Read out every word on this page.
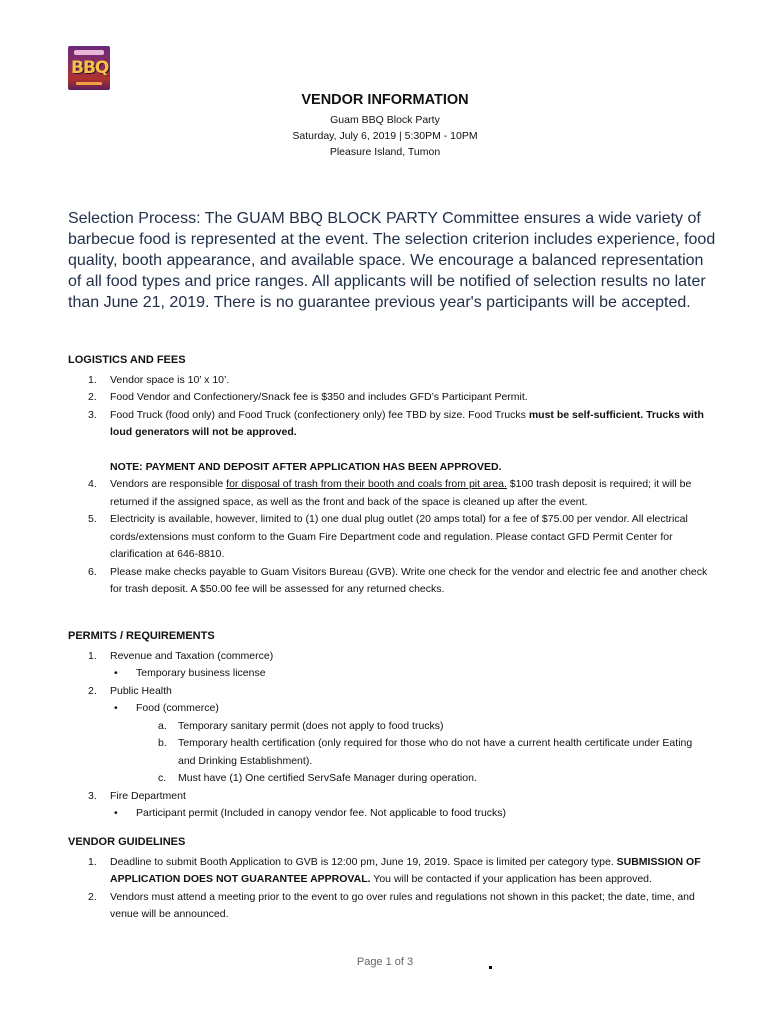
BBQ
VENDOR INFORMATION
Guam BBQ Block Party
Saturday, July 6, 2019 | 5:30PM - 10PM
Pleasure Island, Tumon
Selection Process: The GUAM BBQ BLOCK PARTY Committee ensures a wide variety of barbecue food is represented at the event. The selection criterion includes experience, food quality, booth appearance, and available space. We encourage a balanced representation of all food types and price ranges. All applicants will be notified of selection results no later than June 21, 2019. There is no guarantee previous year's participants will be accepted.
LOGISTICS AND FEES
1. Vendor space is 10’ x 10’.
2. Food Vendor and Confectionery/Snack fee is $350 and includes GFD’s Participant Permit.
3. Food Truck (food only) and Food Truck (confectionery only) fee TBD by size. Food Trucks must be self-sufficient. Trucks with loud generators will not be approved.
NOTE: PAYMENT AND DEPOSIT AFTER APPLICATION HAS BEEN APPROVED.
4. Vendors are responsible for disposal of trash from their booth and coals from pit area. $100 trash deposit is required; it will be returned if the assigned space, as well as the front and back of the space is cleaned up after the event.
5. Electricity is available, however, limited to (1) one dual plug outlet (20 amps total) for a fee of $75.00 per vendor. All electrical cords/extensions must conform to the Guam Fire Department code and regulation. Please contact GFD Permit Center for clarification at 646-8810.
6. Please make checks payable to Guam Visitors Bureau (GVB). Write one check for the vendor and electric fee and another check for trash deposit. A $50.00 fee will be assessed for any returned checks.
PERMITS / REQUIREMENTS
1. Revenue and Taxation (commerce)
• Temporary business license
2. Public Health
• Food (commerce)
a. Temporary sanitary permit (does not apply to food trucks)
b. Temporary health certification (only required for those who do not have a current health certificate under Eating and Drinking Establishment).
c. Must have (1) One certified ServSafe Manager during operation.
3. Fire Department
• Participant permit (Included in canopy vendor fee. Not applicable to food trucks)
VENDOR GUIDELINES
1. Deadline to submit Booth Application to GVB is 12:00 pm, June 19, 2019. Space is limited per category type. SUBMISSION OF APPLICATION DOES NOT GUARANTEE APPROVAL. You will be contacted if your application has been approved.
2. Vendors must attend a meeting prior to the event to go over rules and regulations not shown in this packet; the date, time, and venue will be announced.
Page 1 of 3
